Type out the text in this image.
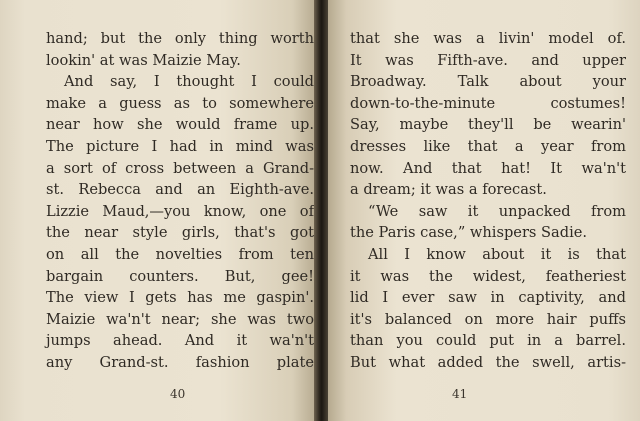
hand; but the only thing worth
lookin' at was Maizie May.
And say, I thought I could
make a guess as to somewhere
near how she would frame up.
The picture I had in mind was
a sort of cross between a Grand-
st. Rebecca and an Eighth-ave.
Lizzie Maud,—you know, one of
the near style girls, that's got
on all the novelties from ten
bargain counters. But, gee!
The view I gets has me gaspin'.
Maizie wa'n't near; she was two
jumps ahead. And it wa'n't
any Grand-st. fashion plate
40
that she was a livin' model of.
It was Fifth-ave. and upper
Broadway. Talk about your
down-to-the-minute costumes!
Say, maybe they'll be wearin'
dresses like that a year from
now. And that hat! It wa'n't
a dream; it was a forecast.
“We saw it unpacked from
the Paris case,” whispers Sadie.
All I know about it is that
it was the widest, featheriest
lid I ever saw in captivity, and
it's balanced on more hair puffs
than you could put in a barrel.
But what added the swell, artis-
41
